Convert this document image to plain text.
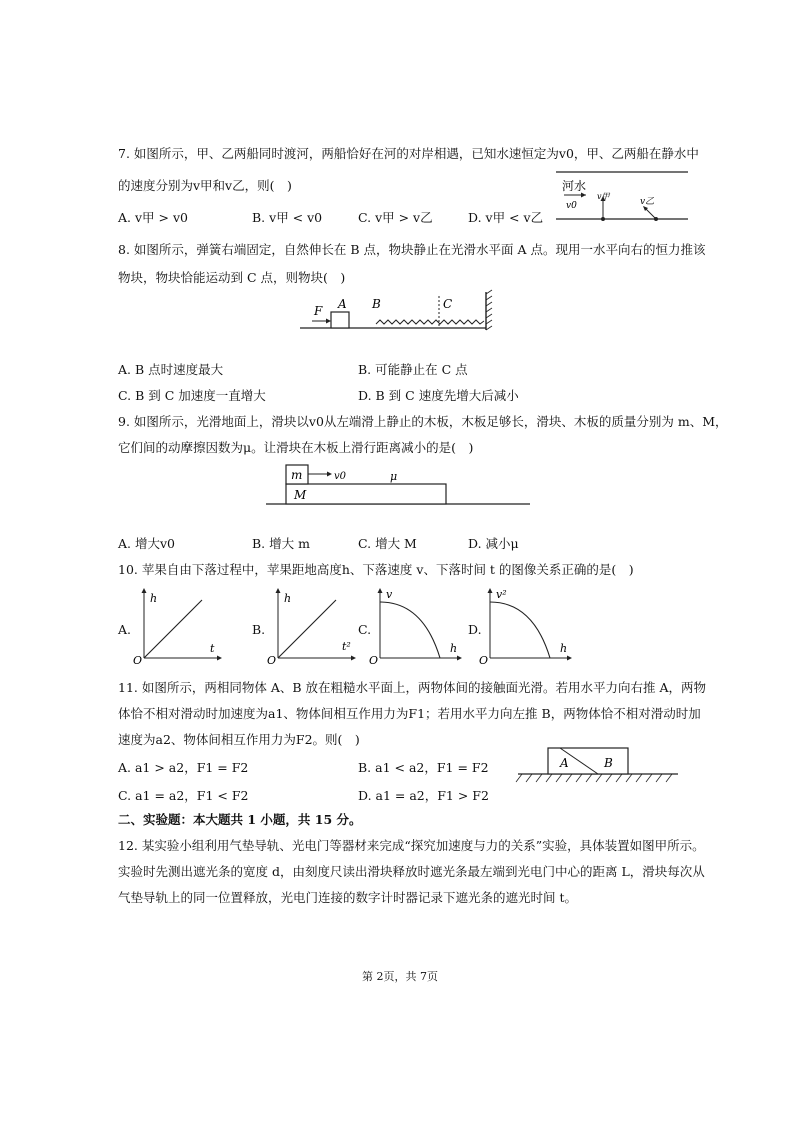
7. 如图所示，甲、乙两船同时渡河，两船恰好在河的对岸相遇，已知水速恒定为v0，甲、乙两船在静水中
的速度分别为v甲和v乙，则(　)	河水
v0
v甲
v乙
A. v甲 > v0	B. v甲 < v0	C. v甲 > v乙	D. v甲 < v乙
8. 如图所示，弹簧右端固定，自然伸长在 B 点，物块静止在光滑水平面 A 点。现用一水平向右的恒力推该
物块，物块恰能运动到 C 点，则物块(　)
F A B	C
A. B 点时速度最大	B. 可能静止在 C 点
C. B 到 C 加速度一直增大	D. B 到 C 速度先增大后减小
9. 如图所示，光滑地面上，滑块以v0从左端滑上静止的木板，木板足够长，滑块、木板的质量分别为 m、M，
它们间的动摩擦因数为μ。让滑块在木板上滑行距离减小的是(　)
M
m	v0	μ
A. 增大v0	B. 增大 m	C. 增大 M	D. 减小μ
10. 苹果自由下落过程中，苹果距地高度h、下落速度 v、下落时间 t 的图像关系正确的是(　)
A.
h
t
O
B.
h
t²
O
C.
v
h
O
D.
v²
h
O
11. 如图所示，两相同物体 A、B 放在粗糙水平面上，两物体间的接触面光滑。若用水平力向右推 A，两物
体恰不相对滑动时加速度为a1、物体间相互作用力为F1；若用水平力向左推 B，两物体恰不相对滑动时加
速度为a2、物体间相互作用力为F2。则(　)
A	B
A. a1 > a2，F1 = F2	B. a1 < a2，F1 = F2
C. a1 = a2，F1 < F2	D. a1 = a2，F1 > F2
二、实验题：本大题共 1 小题，共 15 分。
12. 某实验小组利用气垫导轨、光电门等器材来完成“探究加速度与力的关系”实验，具体装置如图甲所示。
实验时先测出遮光条的宽度 d，由刻度尺读出滑块释放时遮光条最左端到光电门中心的距离 L，滑块每次从
气垫导轨上的同一位置释放，光电门连接的数字计时器记录下遮光条的遮光时间 t。
第 2页，共 7页
